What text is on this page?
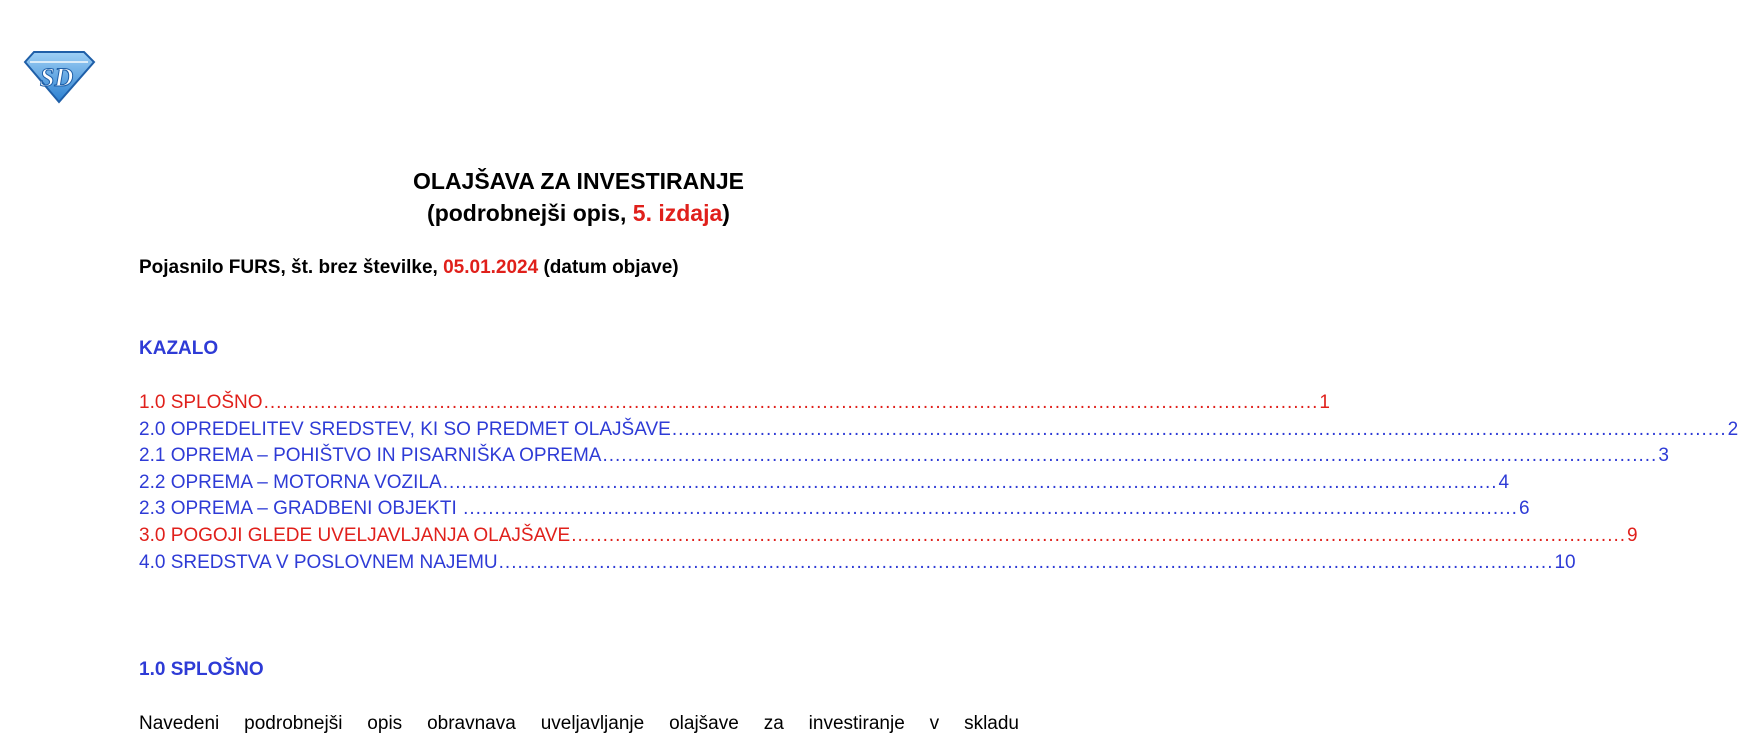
SD
OLAJŠAVA ZA INVESTIRANJE
(podrobnejši opis, 5. izdaja)
Pojasnilo FURS, št. brez številke, 05.01.2024 (datum objave)
KAZALO
1.0 SPLOŠNO ........................................................................................................................................................................ 1
2.0 OPREDELITEV SREDSTEV, KI SO PREDMET OLAJŠAVE ........................................................................................................................................................................ 2
2.1 OPREMA – POHIŠTVO IN PISARNIŠKA OPREMA ........................................................................................................................................................................ 3
2.2 OPREMA – MOTORNA VOZILA ........................................................................................................................................................................ 4
2.3 OPREMA – GRADBENI OBJEKTI ........................................................................................................................................................................ 6
3.0 POGOJI GLEDE UVELJAVLJANJA OLAJŠAVE ........................................................................................................................................................................ 9
4.0 SREDSTVA V POSLOVNEM NAJEMU ........................................................................................................................................................................ 10
1.0 SPLOŠNO
Navedeni podrobnejši opis obravnava uveljavljanje olajšave za investiranje v skladu
